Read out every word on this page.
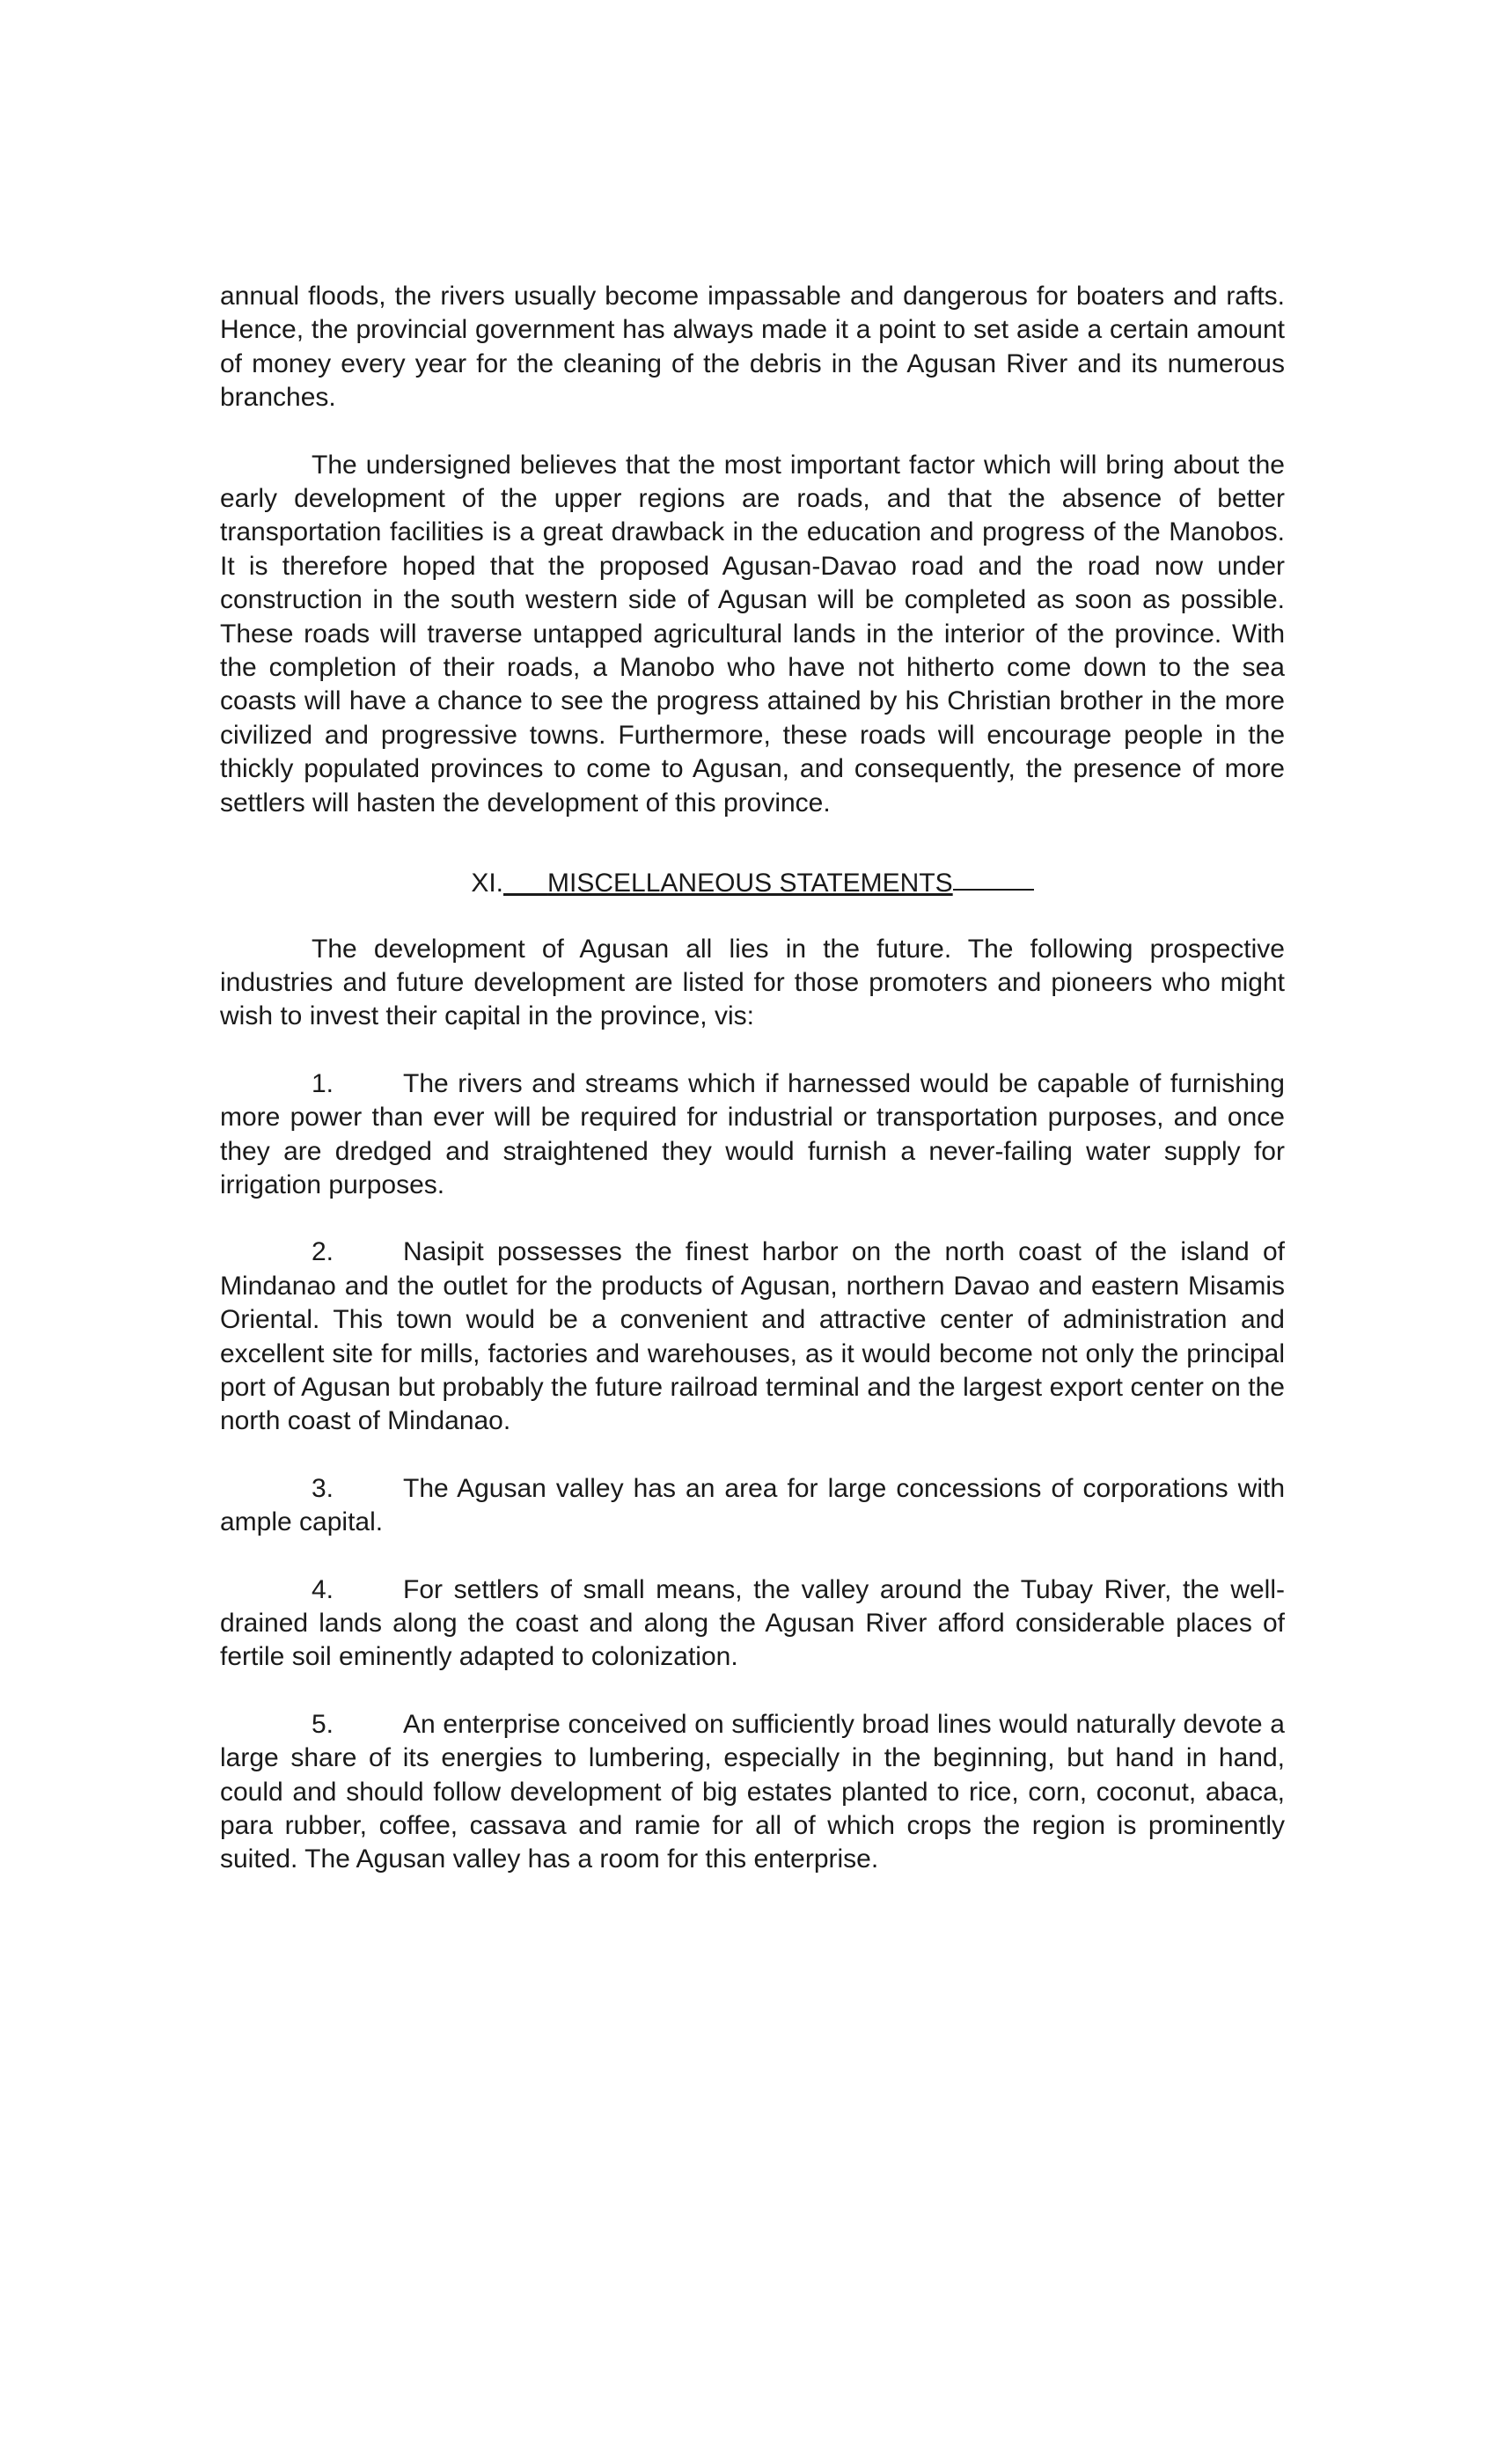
annual floods, the rivers usually become impassable and dangerous for boaters and rafts. Hence, the provincial government has always made it a point to set aside a certain amount of money every year for the cleaning of the debris in the Agusan River and its numerous branches.

The undersigned believes that the most important factor which will bring about the early development of the upper regions are roads, and that the absence of better transportation facilities is a great drawback in the education and progress of the Manobos. It is therefore hoped that the proposed Agusan-Davao road and the road now under construction in the south western side of Agusan will be completed as soon as possible. These roads will traverse untapped agricultural lands in the interior of the province. With the completion of their roads, a Manobo who have not hitherto come down to the sea coasts will have a chance to see the progress attained by his Christian brother in the more civilized and progressive towns. Furthermore, these roads will encourage people in the thickly populated provinces to come to Agusan, and consequently, the presence of more settlers will hasten the development of this province.

XI. MISCELLANEOUS STATEMENTS

The development of Agusan all lies in the future. The following prospective industries and future development are listed for those promoters and pioneers who might wish to invest their capital in the province, vis:

1.	The rivers and streams which if harnessed would be capable of furnishing more power than ever will be required for industrial or transportation purposes, and once they are dredged and straightened they would furnish a never-failing water supply for irrigation purposes.

2.	Nasipit possesses the finest harbor on the north coast of the island of Mindanao and the outlet for the products of Agusan, northern Davao and eastern Misamis Oriental. This town would be a convenient and attractive center of administration and excellent site for mills, factories and warehouses, as it would become not only the principal port of Agusan but probably the future railroad terminal and the largest export center on the north coast of Mindanao.

3.	The Agusan valley has an area for large concessions of corporations with ample capital.

4.	For settlers of small means, the valley around the Tubay River, the well-drained lands along the coast and along the Agusan River afford considerable places of fertile soil eminently adapted to colonization.

5.	An enterprise conceived on sufficiently broad lines would naturally devote a large share of its energies to lumbering, especially in the beginning, but hand in hand, could and should follow development of big estates planted to rice, corn, coconut, abaca, para rubber, coffee, cassava and ramie for all of which crops the region is prominently suited. The Agusan valley has a room for this enterprise.
